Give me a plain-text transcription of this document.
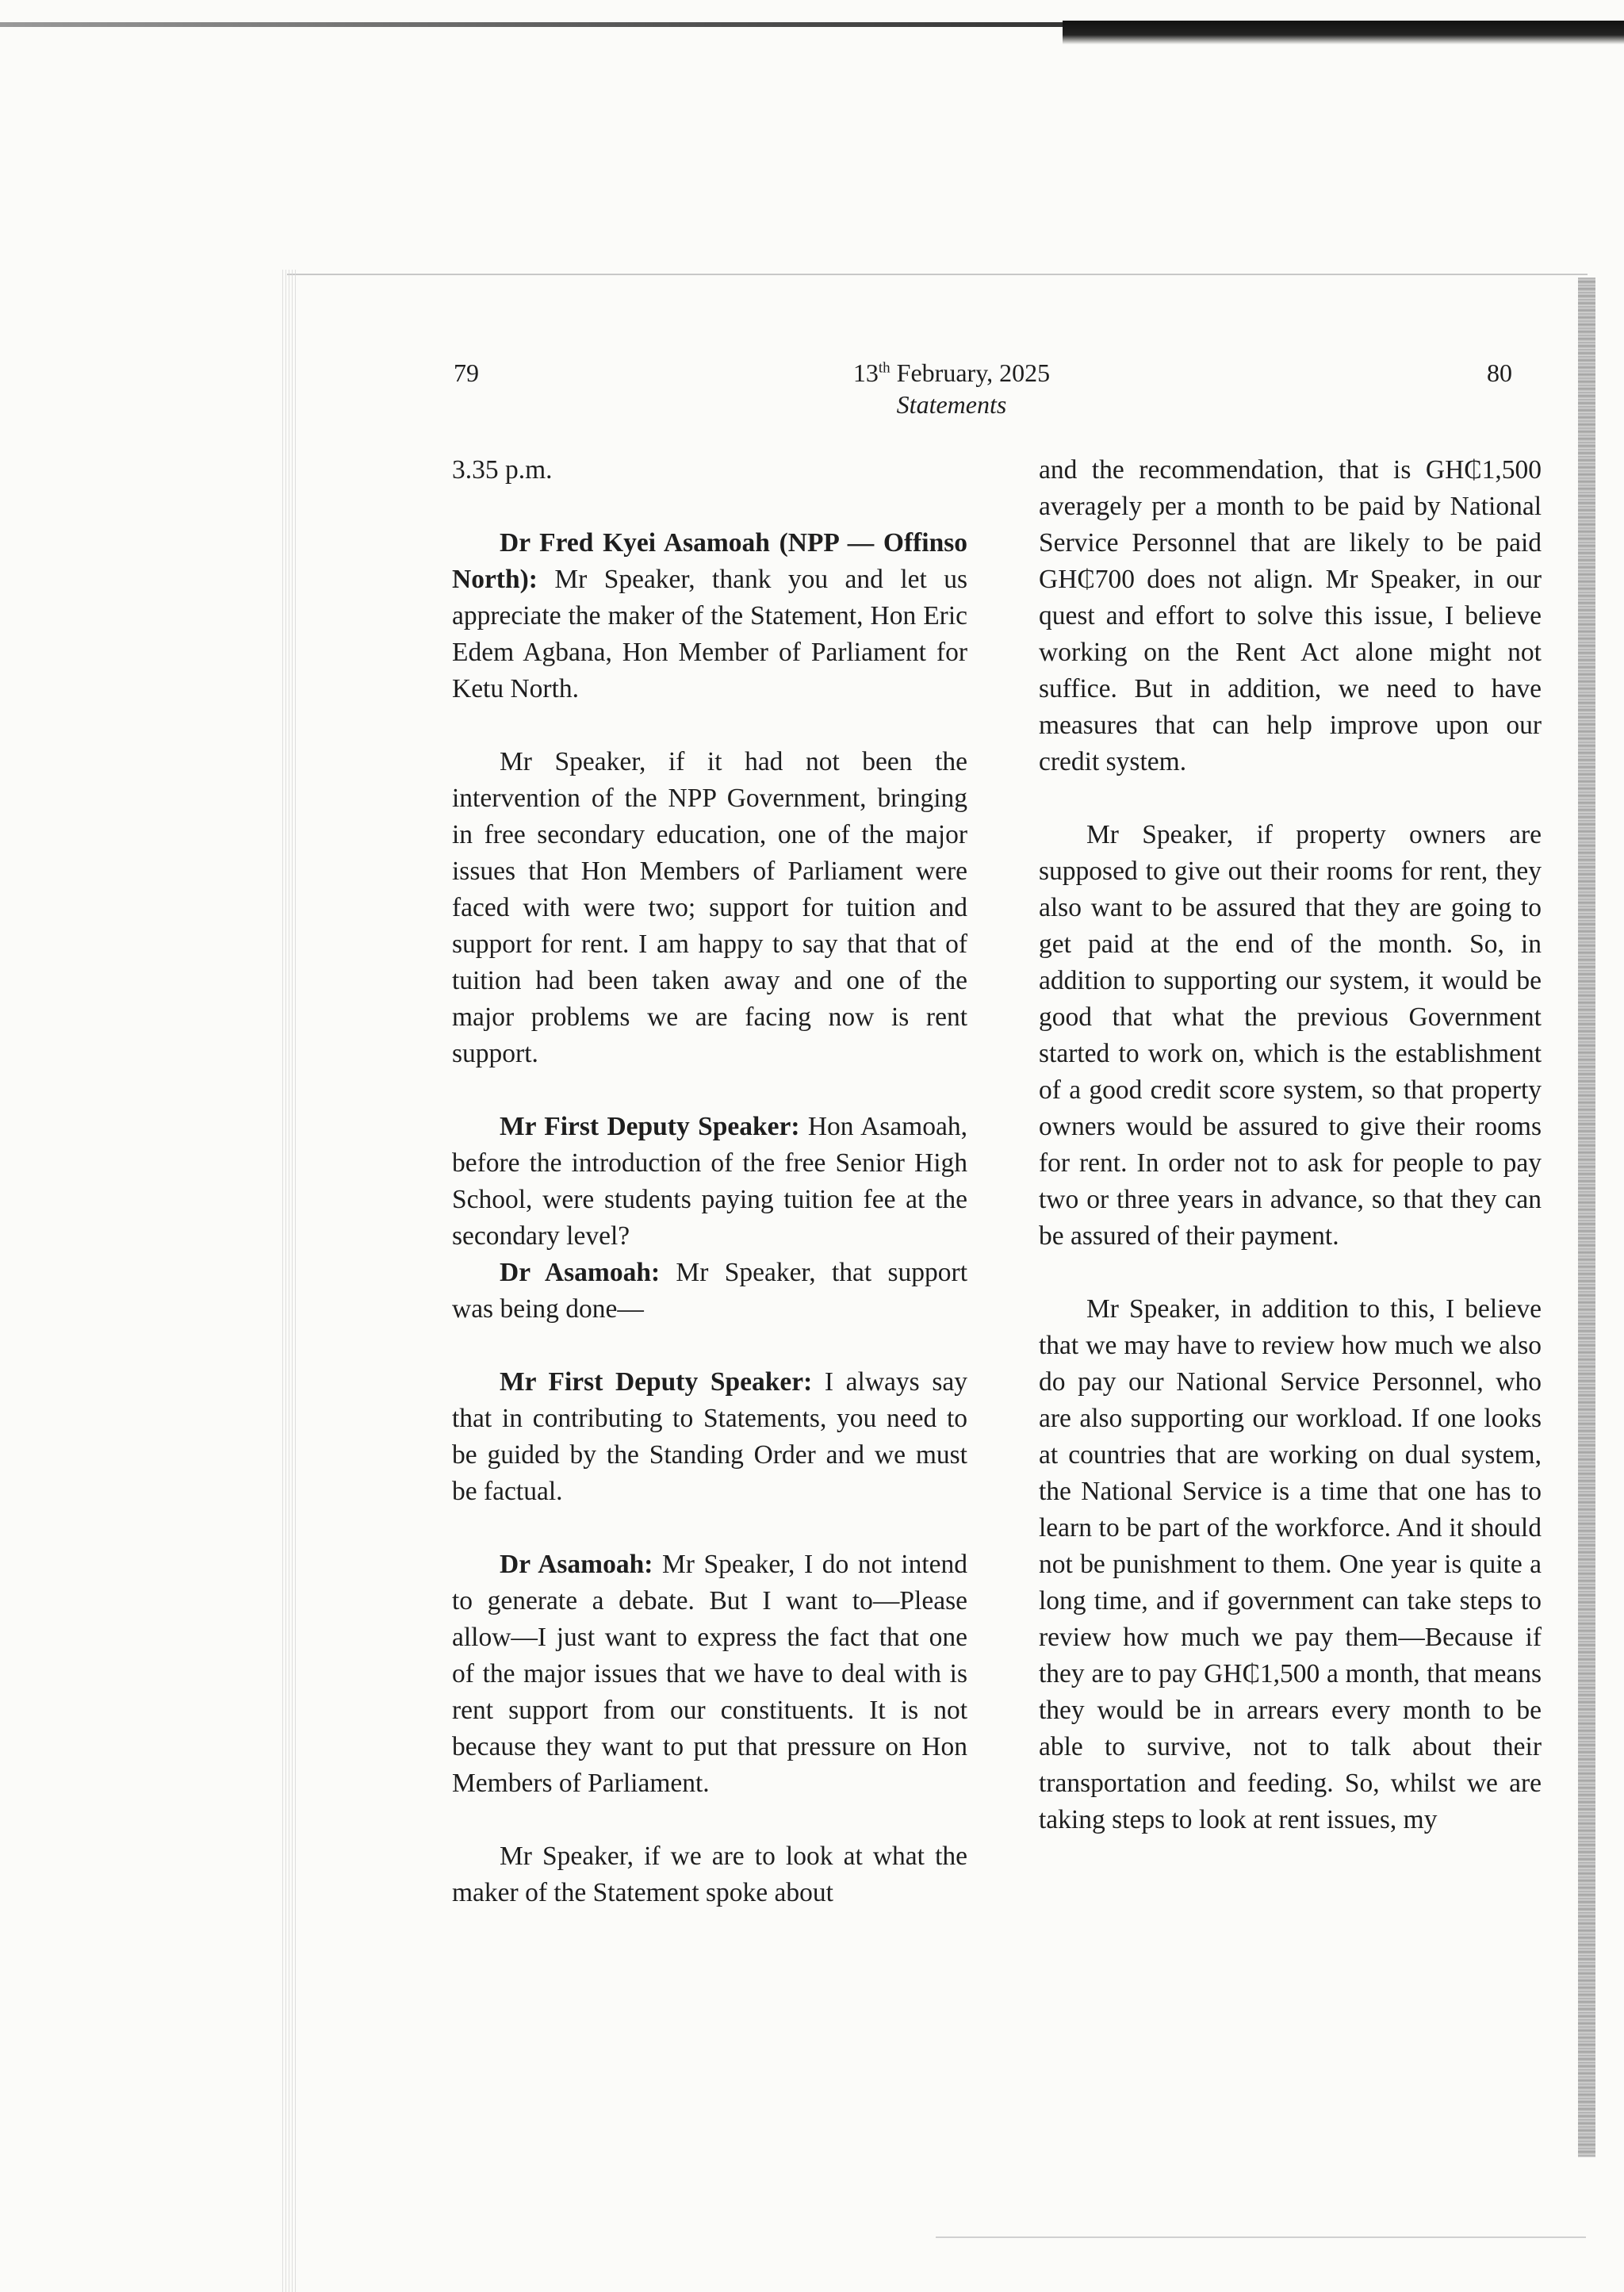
79	13th February, 2025
Statements
80

3.35 p.m.

Dr Fred Kyei Asamoah (NPP — Offinso North): Mr Speaker, thank you and let us appreciate the maker of the Statement, Hon Eric Edem Agbana, Hon Member of Parliament for Ketu North.

Mr Speaker, if it had not been the intervention of the NPP Government, bringing in free secondary education, one of the major issues that Hon Members of Parliament were faced with were two; support for tuition and support for rent. I am happy to say that that of tuition had been taken away and one of the major problems we are facing now is rent support.

Mr First Deputy Speaker: Hon Asamoah, before the introduction of the free Senior High School, were students paying tuition fee at the secondary level?

Dr Asamoah: Mr Speaker, that support was being done—

Mr First Deputy Speaker: I always say that in contributing to Statements, you need to be guided by the Standing Order and we must be factual.

Dr Asamoah: Mr Speaker, I do not intend to generate a debate. But I want to—Please allow—I just want to express the fact that one of the major issues that we have to deal with is rent support from our constituents. It is not because they want to put that pressure on Hon Members of Parliament.

Mr Speaker, if we are to look at what the maker of the Statement spoke about

and the recommendation, that is GH₵1,500 averagely per a month to be paid by National Service Personnel that are likely to be paid GH₵700 does not align. Mr Speaker, in our quest and effort to solve this issue, I believe working on the Rent Act alone might not suffice. But in addition, we need to have measures that can help improve upon our credit system.

Mr Speaker, if property owners are supposed to give out their rooms for rent, they also want to be assured that they are going to get paid at the end of the month. So, in addition to supporting our system, it would be good that what the previous Government started to work on, which is the establishment of a good credit score system, so that property owners would be assured to give their rooms for rent. In order not to ask for people to pay two or three years in advance, so that they can be assured of their payment.

Mr Speaker, in addition to this, I believe that we may have to review how much we also do pay our National Service Personnel, who are also supporting our workload. If one looks at countries that are working on dual system, the National Service is a time that one has to learn to be part of the workforce. And it should not be punishment to them. One year is quite a long time, and if government can take steps to review how much we pay them—Because if they are to pay GH₵1,500 a month, that means they would be in arrears every month to be able to survive, not to talk about their transportation and feeding. So, whilst we are taking steps to look at rent issues, my
